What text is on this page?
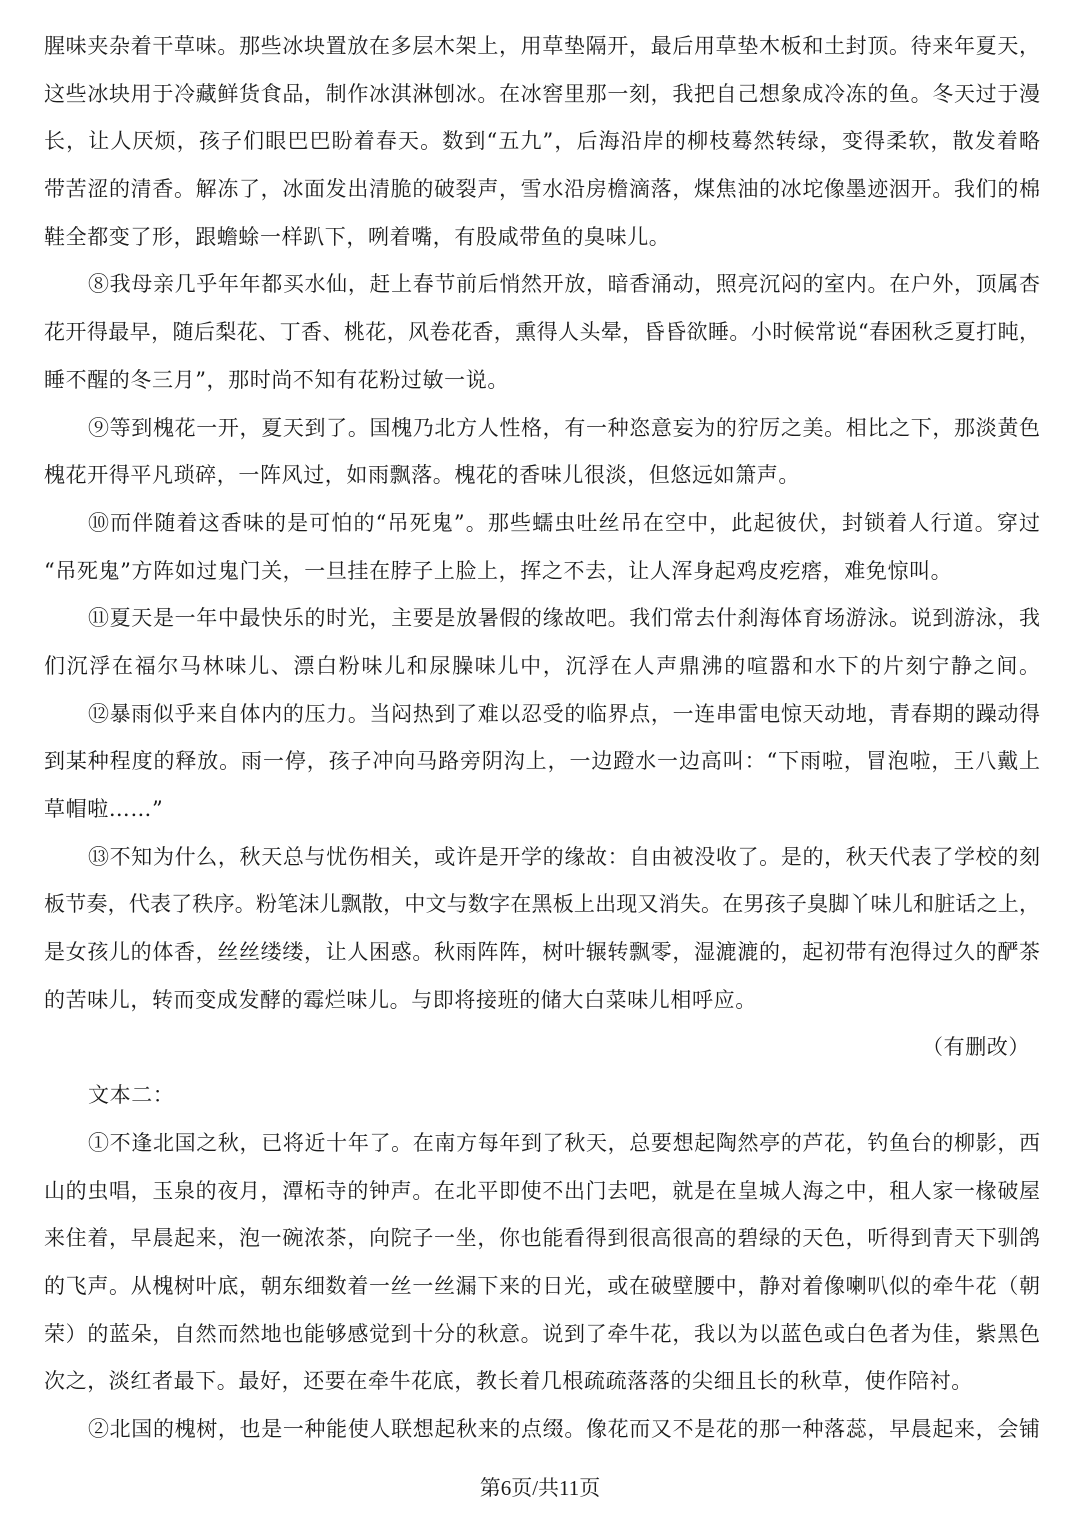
腥味夹杂着干草味。那些冰块置放在多层木架上，用草垫隔开，最后用草垫木板和土封顶。待来年夏天，
这些冰块用于冷藏鲜货食品，制作冰淇淋刨冰。在冰窖里那一刻，我把自己想象成冷冻的鱼。冬天过于漫
长，让人厌烦，孩子们眼巴巴盼着春天。数到“五九”，后海沿岸的柳枝蓦然转绿，变得柔软，散发着略
带苦涩的清香。解冻了，冰面发出清脆的破裂声，雪水沿房檐滴落，煤焦油的冰坨像墨迹洇开。我们的棉
鞋全都变了形，跟蟾蜍一样趴下，咧着嘴，有股咸带鱼的臭味儿。
⑧我母亲几乎年年都买水仙，赶上春节前后悄然开放，暗香涌动，照亮沉闷的室内。在户外，顶属杏
花开得最早，随后梨花、丁香、桃花，风卷花香，熏得人头晕，昏昏欲睡。小时候常说“春困秋乏夏打盹，
睡不醒的冬三月”，那时尚不知有花粉过敏一说。
⑨等到槐花一开，夏天到了。国槐乃北方人性格，有一种恣意妄为的狞厉之美。相比之下，那淡黄色
槐花开得平凡琐碎，一阵风过，如雨飘落。槐花的香味儿很淡，但悠远如箫声。
⑩而伴随着这香味的是可怕的“吊死鬼”。那些蠕虫吐丝吊在空中，此起彼伏，封锁着人行道。穿过
“吊死鬼”方阵如过鬼门关，一旦挂在脖子上脸上，挥之不去，让人浑身起鸡皮疙瘩，难免惊叫。
⑪夏天是一年中最快乐的时光，主要是放暑假的缘故吧。我们常去什刹海体育场游泳。说到游泳，我
们沉浮在福尔马林味儿、漂白粉味儿和尿臊味儿中，沉浮在人声鼎沸的喧嚣和水下的片刻宁静之间。
⑫暴雨似乎来自体内的压力。当闷热到了难以忍受的临界点，一连串雷电惊天动地，青春期的躁动得
到某种程度的释放。雨一停，孩子冲向马路旁阴沟上，一边蹬水一边高叫：“下雨啦，冒泡啦，王八戴上
草帽啦……”
⑬不知为什么，秋天总与忧伤相关，或许是开学的缘故：自由被没收了。是的，秋天代表了学校的刻
板节奏，代表了秩序。粉笔沫儿飘散，中文与数字在黑板上出现又消失。在男孩子臭脚丫味儿和脏话之上，
是女孩儿的体香，丝丝缕缕，让人困惑。秋雨阵阵，树叶辗转飘零，湿漉漉的，起初带有泡得过久的酽茶
的苦味儿，转而变成发酵的霉烂味儿。与即将接班的储大白菜味儿相呼应。
（有删改）
文本二：
①不逢北国之秋，已将近十年了。在南方每年到了秋天，总要想起陶然亭的芦花，钓鱼台的柳影，西
山的虫唱，玉泉的夜月，潭柘寺的钟声。在北平即使不出门去吧，就是在皇城人海之中，租人家一椽破屋
来住着，早晨起来，泡一碗浓茶，向院子一坐，你也能看得到很高很高的碧绿的天色，听得到青天下驯鸽
的飞声。从槐树叶底，朝东细数着一丝一丝漏下来的日光，或在破壁腰中，静对着像喇叭似的牵牛花（朝
荣）的蓝朵，自然而然地也能够感觉到十分的秋意。说到了牵牛花，我以为以蓝色或白色者为佳，紫黑色
次之，淡红者最下。最好，还要在牵牛花底，教长着几根疏疏落落的尖细且长的秋草，使作陪衬。
②北国的槐树，也是一种能使人联想起秋来的点缀。像花而又不是花的那一种落蕊，早晨起来，会铺
第6页/共11页
